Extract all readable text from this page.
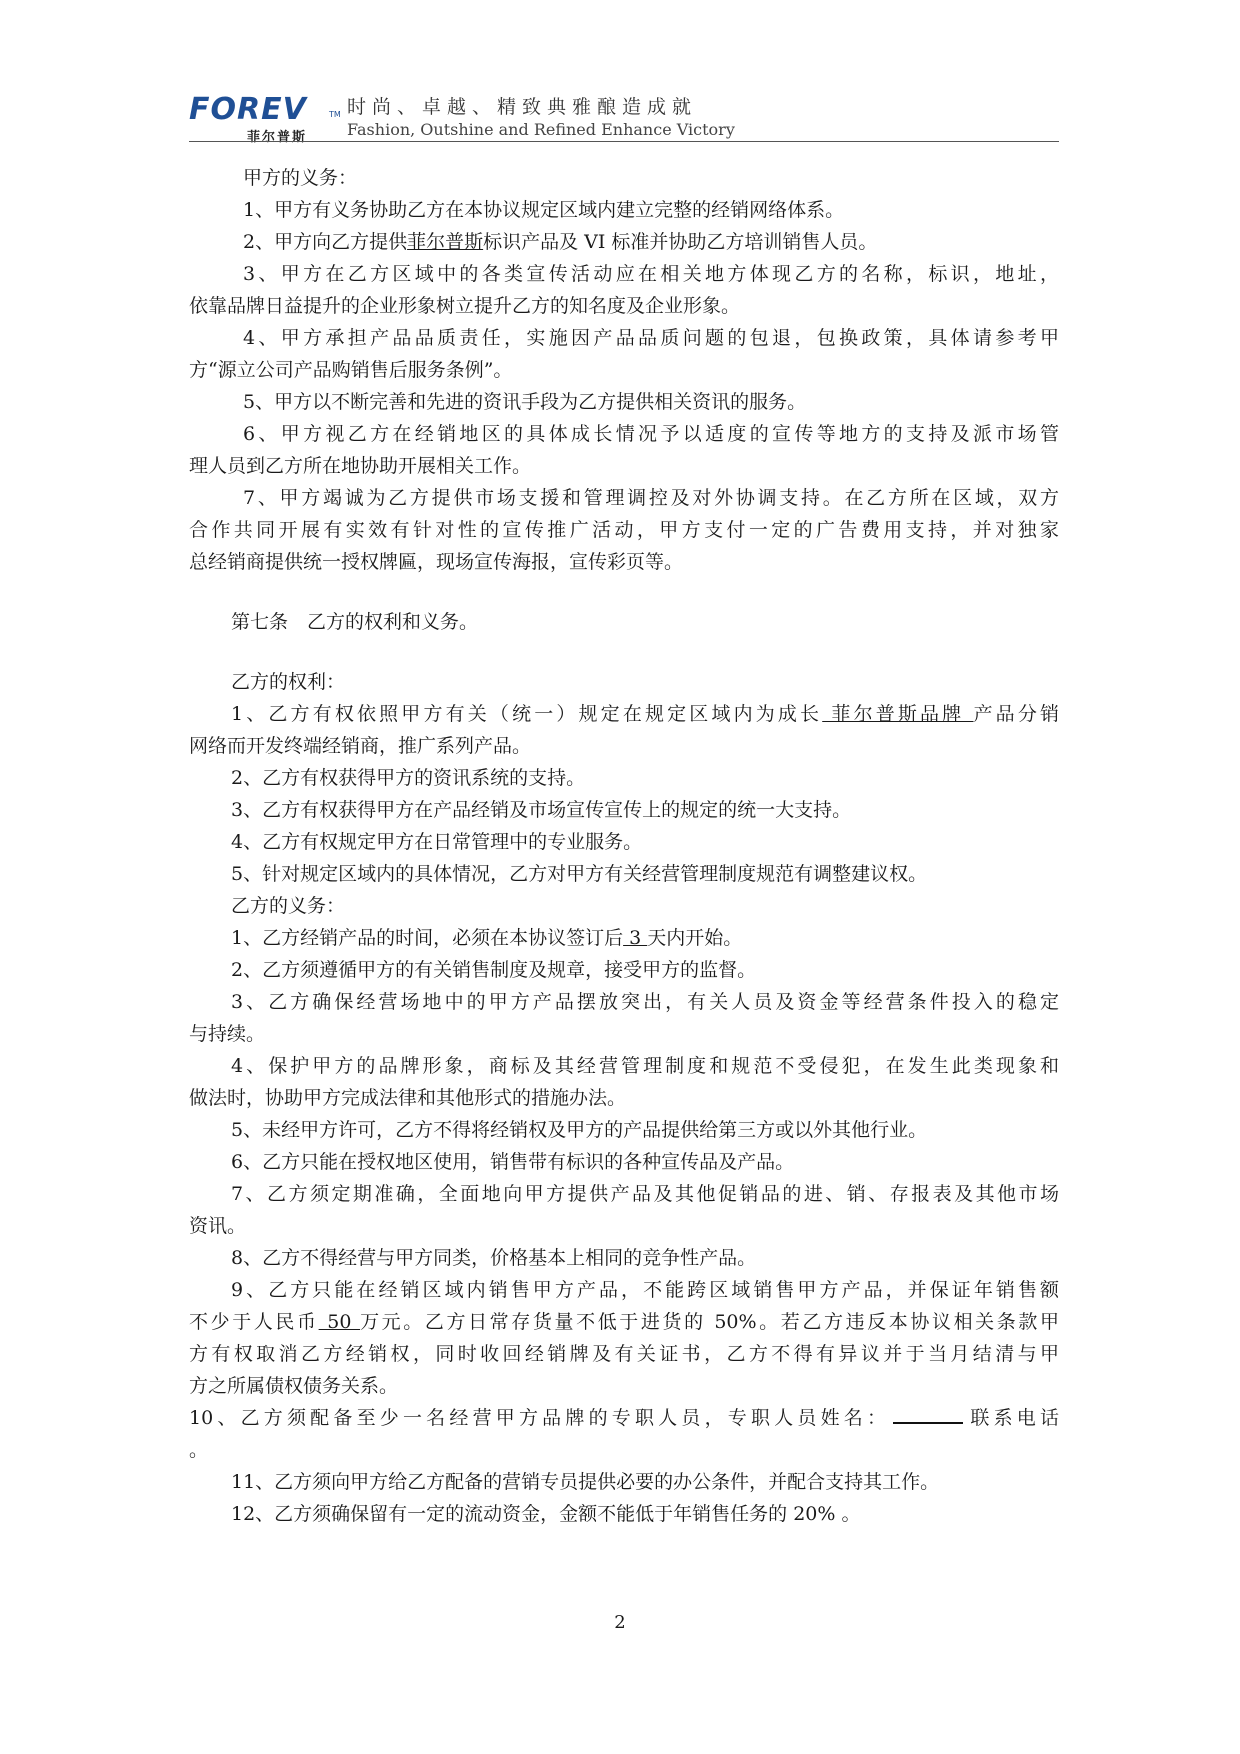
FOREV	TM
菲尔普斯
时尚、卓越、精致典雅酿造成就
Fashion, Outshine and Refined Enhance Victory
甲方的义务：
1、甲方有义务协助乙方在本协议规定区域内建立完整的经销网络体系。
2、甲方向乙方提供菲尔普斯标识产品及 VI 标准并协助乙方培训销售人员。
3、甲方在乙方区域中的各类宣传活动应在相关地方体现乙方的名称，标识，地址，
依靠品牌日益提升的企业形象树立提升乙方的知名度及企业形象。
4、甲方承担产品品质责任，实施因产品品质问题的包退，包换政策，具体请参考甲
方“源立公司产品购销售后服务条例”。
5、甲方以不断完善和先进的资讯手段为乙方提供相关资讯的服务。
6、甲方视乙方在经销地区的具体成长情况予以适度的宣传等地方的支持及派市场管
理人员到乙方所在地协助开展相关工作。
7、甲方竭诚为乙方提供市场支援和管理调控及对外协调支持。在乙方所在区域，双方
合作共同开展有实效有针对性的宣传推广活动，甲方支付一定的广告费用支持，并对独家
总经销商提供统一授权牌匾，现场宣传海报，宣传彩页等。
第七条　乙方的权利和义务。
乙方的权利：
1、乙方有权依照甲方有关（统一）规定在规定区域内为成长 菲尔普斯品牌 产品分销
网络而开发终端经销商，推广系列产品。
2、乙方有权获得甲方的资讯系统的支持。
3、乙方有权获得甲方在产品经销及市场宣传宣传上的规定的统一大支持。
4、乙方有权规定甲方在日常管理中的专业服务。
5、针对规定区域内的具体情况，乙方对甲方有关经营管理制度规范有调整建议权。
乙方的义务：
1、乙方经销产品的时间，必须在本协议签订后 3 天内开始。
2、乙方须遵循甲方的有关销售制度及规章，接受甲方的监督。
3、乙方确保经营场地中的甲方产品摆放突出，有关人员及资金等经营条件投入的稳定
与持续。
4、保护甲方的品牌形象，商标及其经营管理制度和规范不受侵犯，在发生此类现象和
做法时，协助甲方完成法律和其他形式的措施办法。
5、未经甲方许可，乙方不得将经销权及甲方的产品提供给第三方或以外其他行业。
6、乙方只能在授权地区使用，销售带有标识的各种宣传品及产品。
7、乙方须定期准确，全面地向甲方提供产品及其他促销品的进、销、存报表及其他市场
资讯。
8、乙方不得经营与甲方同类，价格基本上相同的竞争性产品。
9、乙方只能在经销区域内销售甲方产品，不能跨区域销售甲方产品，并保证年销售额
不少于人民币 50 万元。乙方日常存货量不低于进货的 50%。若乙方违反本协议相关条款甲
方有权取消乙方经销权，同时收回经销牌及有关证书，乙方不得有异议并于当月结清与甲
方之所属债权债务关系。
10、乙方须配备至少一名经营甲方品牌的专职人员，专职人员姓名：	联系电话
。
11、乙方须向甲方给乙方配备的营销专员提供必要的办公条件，并配合支持其工作。
12、乙方须确保留有一定的流动资金，金额不能低于年销售任务的 20% 。
2
